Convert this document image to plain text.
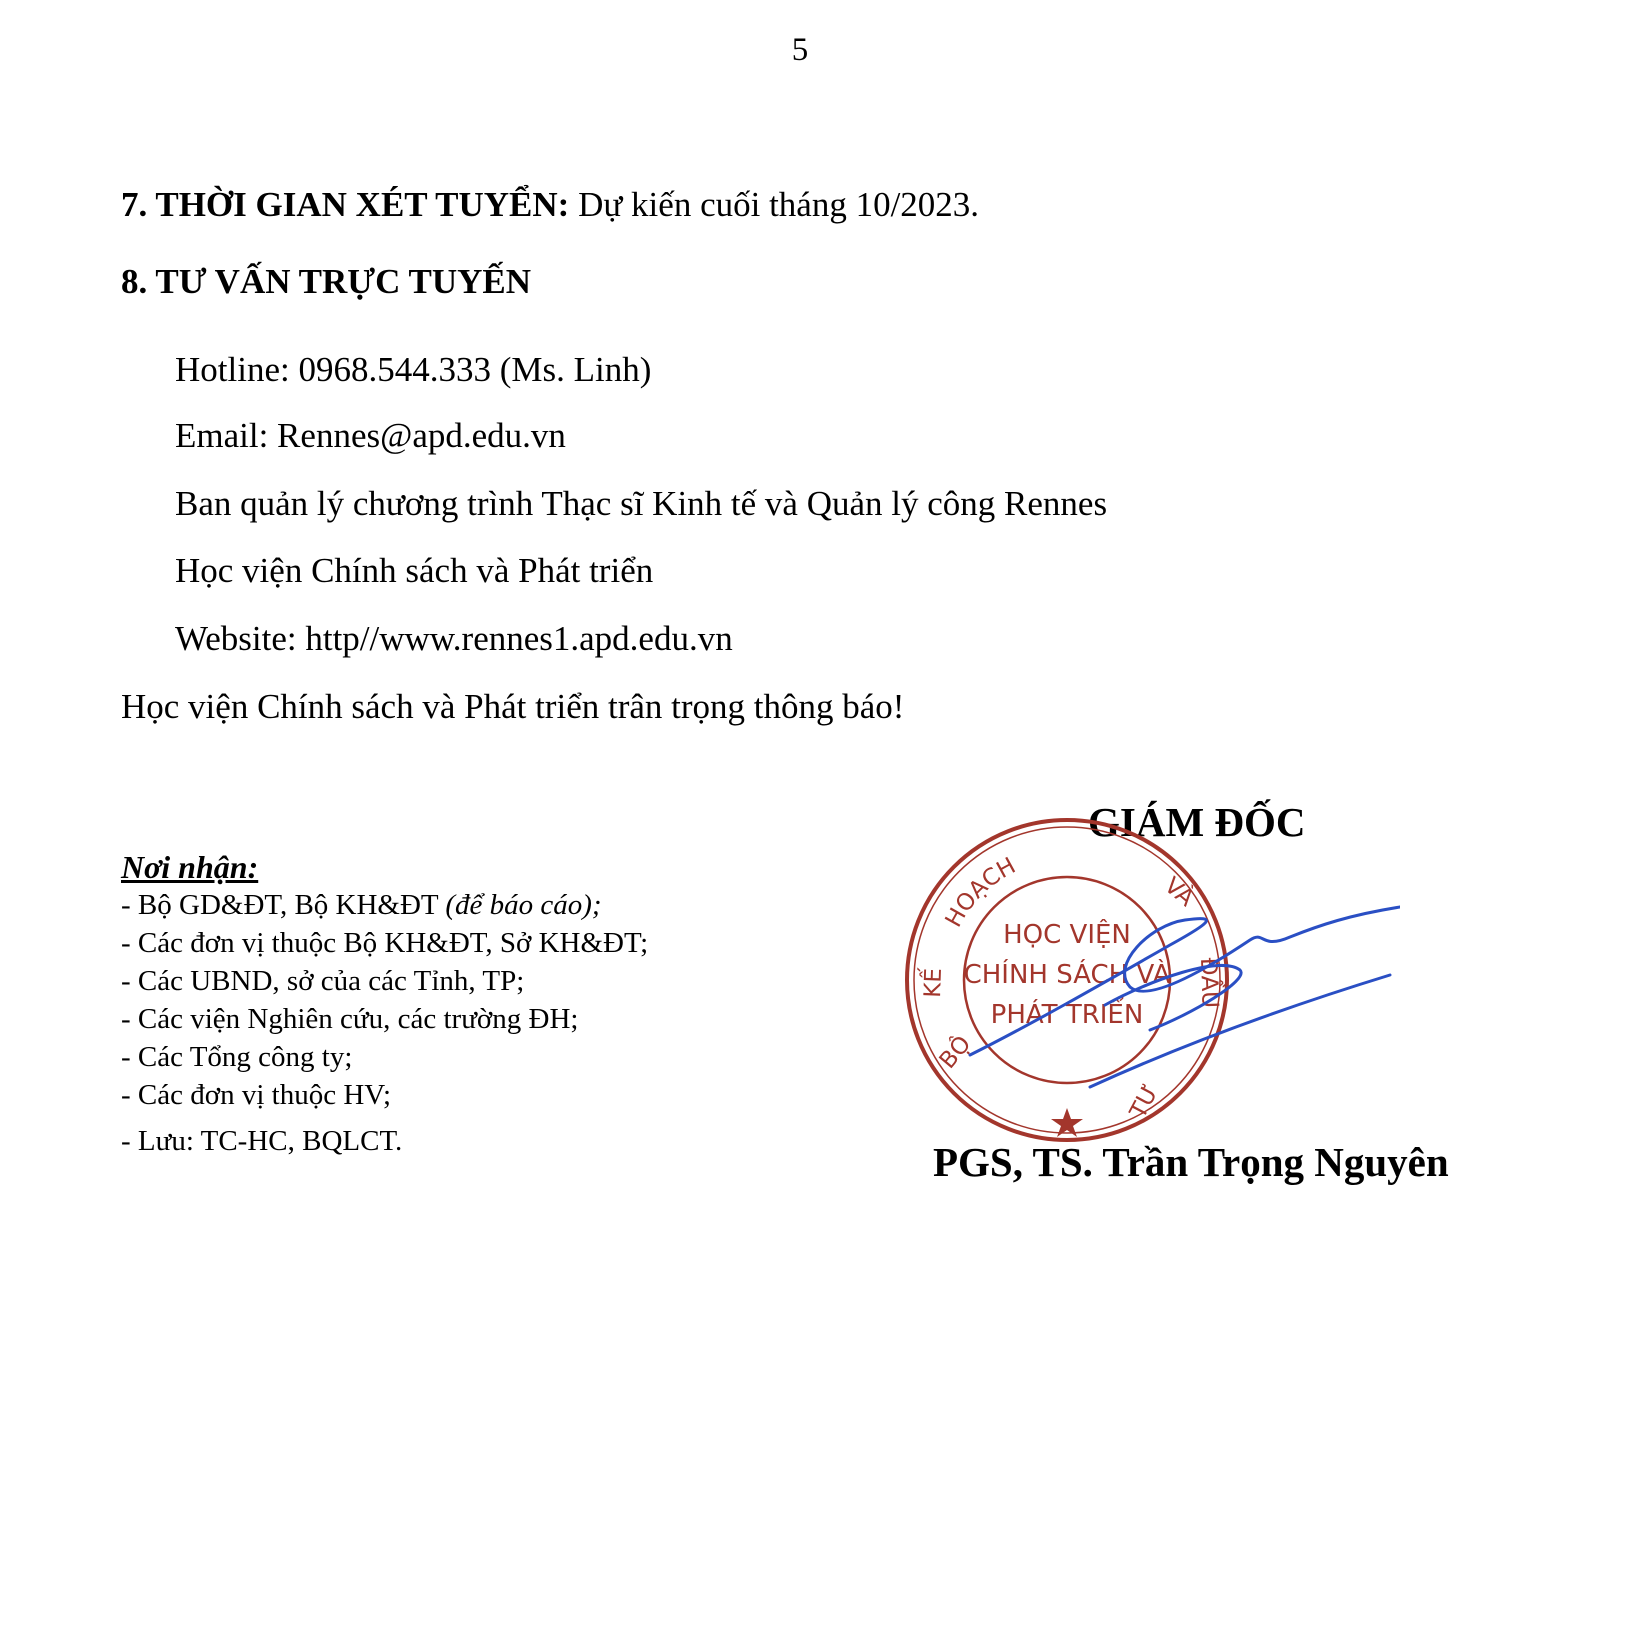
5
7. THỜI GIAN XÉT TUYỂN: Dự kiến cuối tháng 10/2023.
8. TƯ VẤN TRỰC TUYẾN
Hotline: 0968.544.333 (Ms. Linh)
Email: Rennes@apd.edu.vn
Ban quản lý chương trình Thạc sĩ Kinh tế và Quản lý công Rennes
Học viện Chính sách và Phát triển
Website: http//www.rennes1.apd.edu.vn
Học viện Chính sách và Phát triển trân trọng thông báo!
Nơi nhận:
- Bộ GD&ĐT, Bộ KH&ĐT (để báo cáo);
- Các đơn vị thuộc Bộ KH&ĐT, Sở KH&ĐT;
- Các UBND, sở của các Tỉnh, TP;
- Các viện Nghiên cứu, các trường ĐH;
- Các Tổng công ty;
- Các đơn vị thuộc HV;
- Lưu: TC-HC, BQLCT.
GIÁM ĐỐC
HOẠCH
VÀ
KẾ	ĐẦU
BỘ
TƯ
HỌC VIỆN
CHÍNH SÁCH VÀ
PHÁT TRIỂN
PGS, TS. Trần Trọng Nguyên
